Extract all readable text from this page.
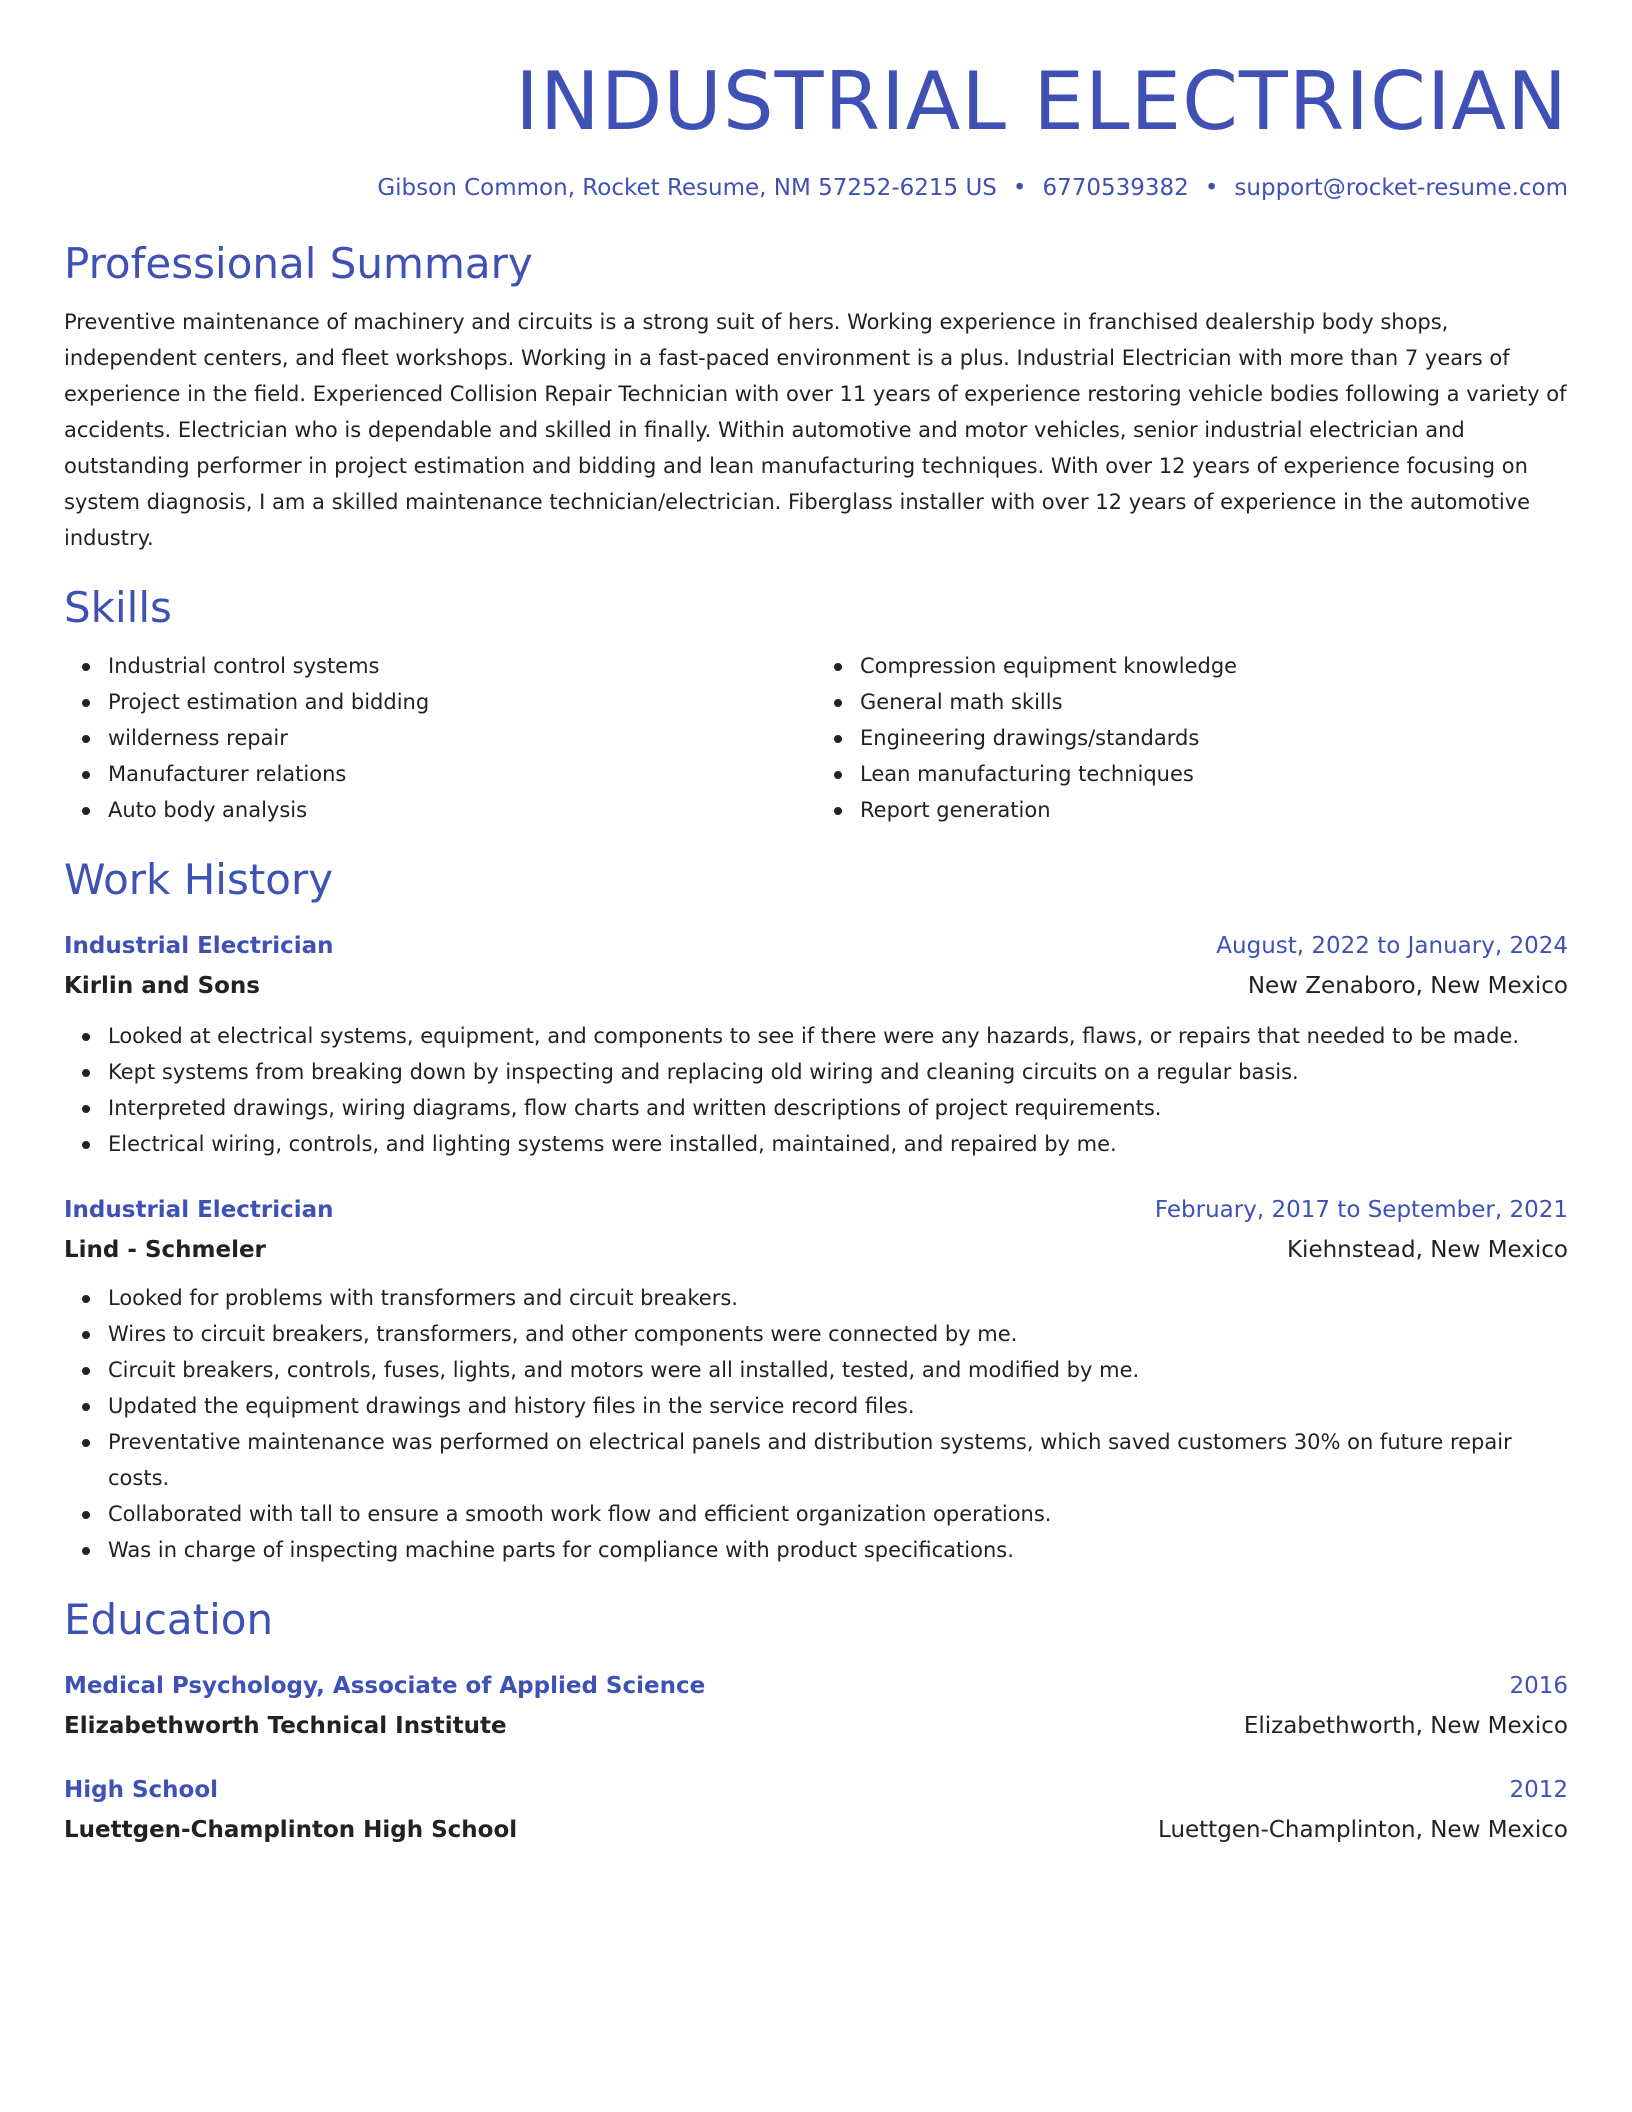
INDUSTRIAL ELECTRICIAN
Gibson Common, Rocket Resume, NM 57252-6215 US • 6770539382 • support@rocket-resume.com
Professional Summary
Preventive maintenance of machinery and circuits is a strong suit of hers. Working experience in franchised dealership body shops, independent centers, and fleet workshops. Working in a fast-paced environment is a plus. Industrial Electrician with more than 7 years of experience in the field. Experienced Collision Repair Technician with over 11 years of experience restoring vehicle bodies following a variety of accidents. Electrician who is dependable and skilled in finally. Within automotive and motor vehicles, senior industrial electrician and outstanding performer in project estimation and bidding and lean manufacturing techniques. With over 12 years of experience focusing on system diagnosis, I am a skilled maintenance technician/electrician. Fiberglass installer with over 12 years of experience in the automotive industry.
Skills
Industrial control systems
Project estimation and bidding
wilderness repair
Manufacturer relations
Auto body analysis
Compression equipment knowledge
General math skills
Engineering drawings/standards
Lean manufacturing techniques
Report generation
Work History
Industrial Electrician	August, 2022 to January, 2024
Kirlin and Sons	New Zenaboro, New Mexico
Looked at electrical systems, equipment, and components to see if there were any hazards, flaws, or repairs that needed to be made.
Kept systems from breaking down by inspecting and replacing old wiring and cleaning circuits on a regular basis.
Interpreted drawings, wiring diagrams, flow charts and written descriptions of project requirements.
Electrical wiring, controls, and lighting systems were installed, maintained, and repaired by me.
Industrial Electrician	February, 2017 to September, 2021
Lind - Schmeler	Kiehnstead, New Mexico
Looked for problems with transformers and circuit breakers.
Wires to circuit breakers, transformers, and other components were connected by me.
Circuit breakers, controls, fuses, lights, and motors were all installed, tested, and modified by me.
Updated the equipment drawings and history files in the service record files.
Preventative maintenance was performed on electrical panels and distribution systems, which saved customers 30% on future repair costs.
Collaborated with tall to ensure a smooth work flow and efficient organization operations.
Was in charge of inspecting machine parts for compliance with product specifications.
Education
Medical Psychology, Associate of Applied Science	2016
Elizabethworth Technical Institute	Elizabethworth, New Mexico
High School	2012
Luettgen-Champlinton High School	Luettgen-Champlinton, New Mexico
